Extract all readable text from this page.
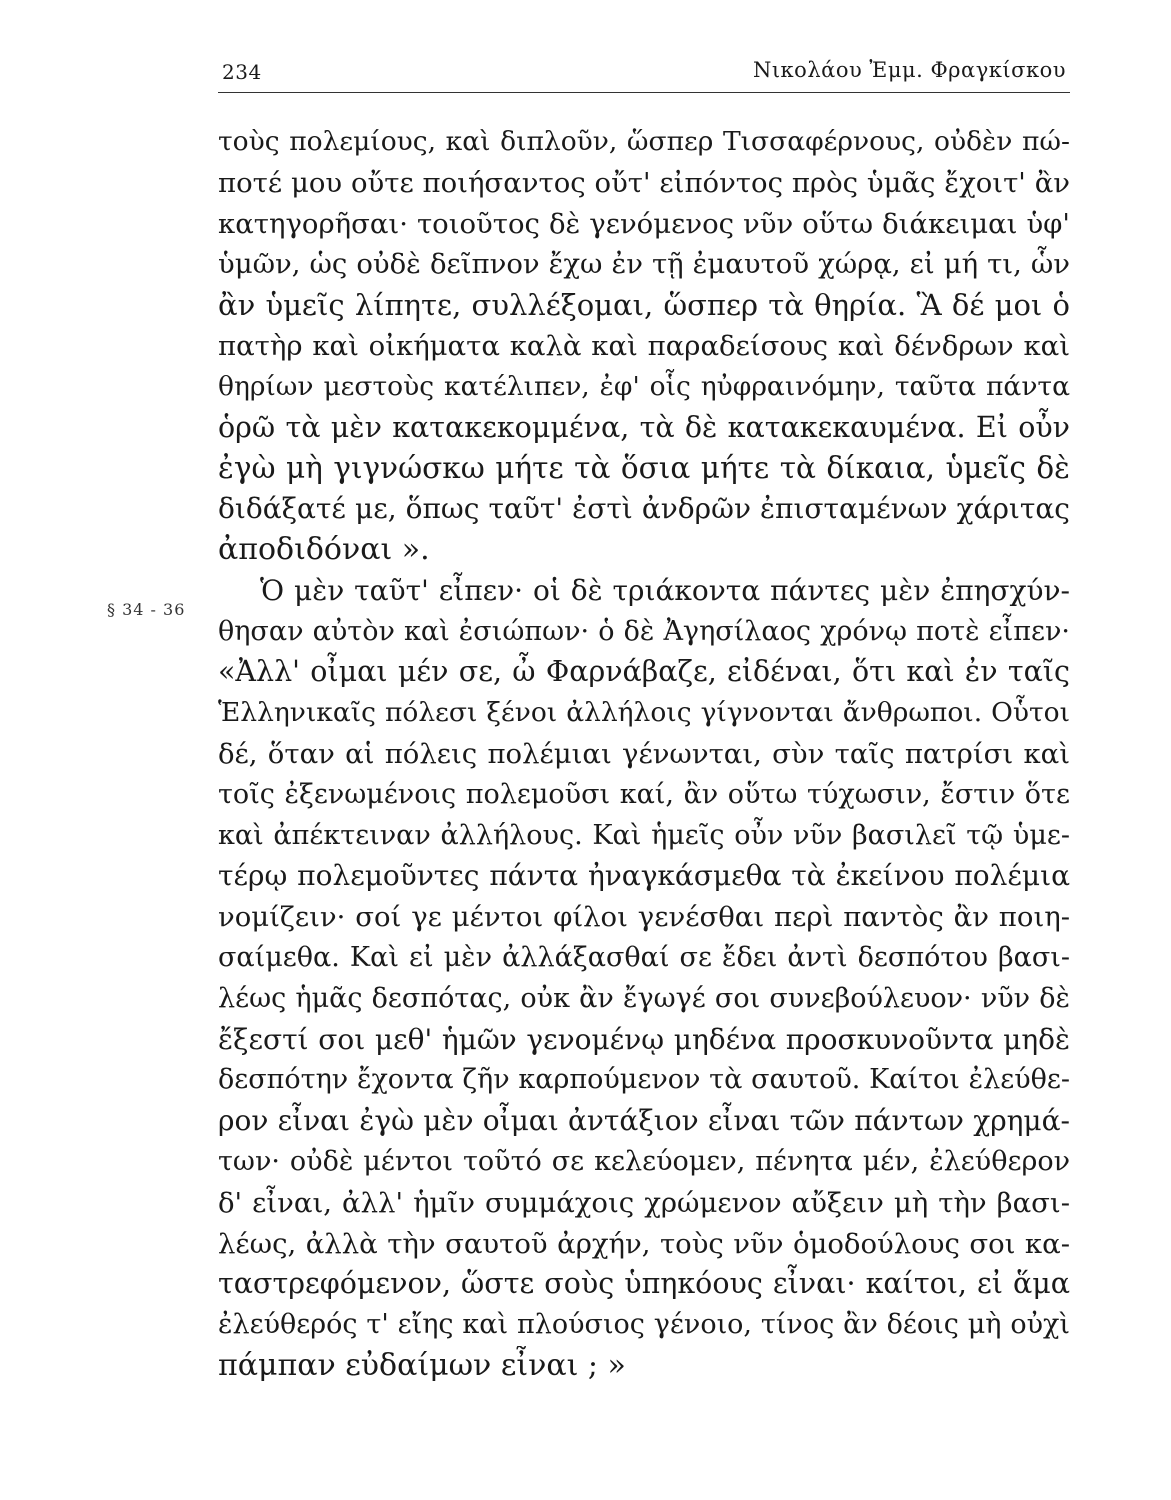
234	Νικολάου Ἐμμ. Φραγκίσκου
§ 34 - 36
τοὺς πολεμίους, καὶ διπλοῦν, ὥσπερ Τισσαφέρνους, οὐδὲν πώ-
ποτέ μου οὔτε ποιήσαντος οὔτ' εἰπόντος πρὸς ὑμᾶς ἔχοιτ' ἂν
κατηγορῆσαι· τοιοῦτος δὲ γενόμενος νῦν οὕτω διάκειμαι ὑφ'
ὑμῶν, ὡς οὐδὲ δεῖπνον ἔχω ἐν τῇ ἐμαυτοῦ χώρᾳ, εἰ μή τι, ὧν
ἂν ὑμεῖς λίπητε, συλλέξομαι, ὥσπερ τὰ θηρία. Ἃ δέ μοι ὁ
πατὴρ καὶ οἰκήματα καλὰ καὶ παραδείσους καὶ δένδρων καὶ
θηρίων μεστοὺς κατέλιπεν, ἐφ' οἷς ηὐφραινόμην, ταῦτα πάντα
ὁρῶ τὰ μὲν κατακεκομμένα, τὰ δὲ κατακεκαυμένα. Εἰ οὖν
ἐγὼ μὴ γιγνώσκω μήτε τὰ ὅσια μήτε τὰ δίκαια, ὑμεῖς δὲ
διδάξατέ με, ὅπως ταῦτ' ἐστὶ ἀνδρῶν ἐπισταμένων χάριτας
ἀποδιδόναι ».
Ὁ μὲν ταῦτ' εἶπεν· οἱ δὲ τριάκοντα πάντες μὲν ἐπησχύν-
θησαν αὐτὸν καὶ ἐσιώπων· ὁ δὲ Ἀγησίλαος χρόνῳ ποτὲ εἶπεν·
«Ἀλλ' οἶμαι μέν σε, ὦ Φαρνάβαζε, εἰδέναι, ὅτι καὶ ἐν ταῖς
Ἑλληνικαῖς πόλεσι ξένοι ἀλλήλοις γίγνονται ἄνθρωποι. Οὗτοι
δέ, ὅταν αἱ πόλεις πολέμιαι γένωνται, σὺν ταῖς πατρίσι καὶ
τοῖς ἐξενωμένοις πολεμοῦσι καί, ἂν οὕτω τύχωσιν, ἔστιν ὅτε
καὶ ἀπέκτειναν ἀλλήλους. Καὶ ἡμεῖς οὖν νῦν βασιλεῖ τῷ ὑμε-
τέρῳ πολεμοῦντες πάντα ἠναγκάσμεθα τὰ ἐκείνου πολέμια
νομίζειν· σοί γε μέντοι φίλοι γενέσθαι περὶ παντὸς ἂν ποιη-
σαίμεθα. Καὶ εἰ μὲν ἀλλάξασθαί σε ἔδει ἀντὶ δεσπότου βασι-
λέως ἡμᾶς δεσπότας, οὐκ ἂν ἔγωγέ σοι συνεβούλευον· νῦν δὲ
ἔξεστί σοι μεθ' ἡμῶν γενομένῳ μηδένα προσκυνοῦντα μηδὲ
δεσπότην ἔχοντα ζῆν καρπούμενον τὰ σαυτοῦ. Καίτοι ἐλεύθε-
ρον εἶναι ἐγὼ μὲν οἶμαι ἀντάξιον εἶναι τῶν πάντων χρημά-
των· οὐδὲ μέντοι τοῦτό σε κελεύομεν, πένητα μέν, ἐλεύθερον
δ' εἶναι, ἀλλ' ἡμῖν συμμάχοις χρώμενον αὔξειν μὴ τὴν βασι-
λέως, ἀλλὰ τὴν σαυτοῦ ἀρχήν, τοὺς νῦν ὁμοδούλους σοι κα-
ταστρεφόμενον, ὥστε σοὺς ὑπηκόους εἶναι· καίτοι, εἰ ἅμα
ἐλεύθερός τ' εἴης καὶ πλούσιος γένοιο, τίνος ἂν δέοις μὴ οὐχὶ
πάμπαν εὐδαίμων εἶναι ; »
